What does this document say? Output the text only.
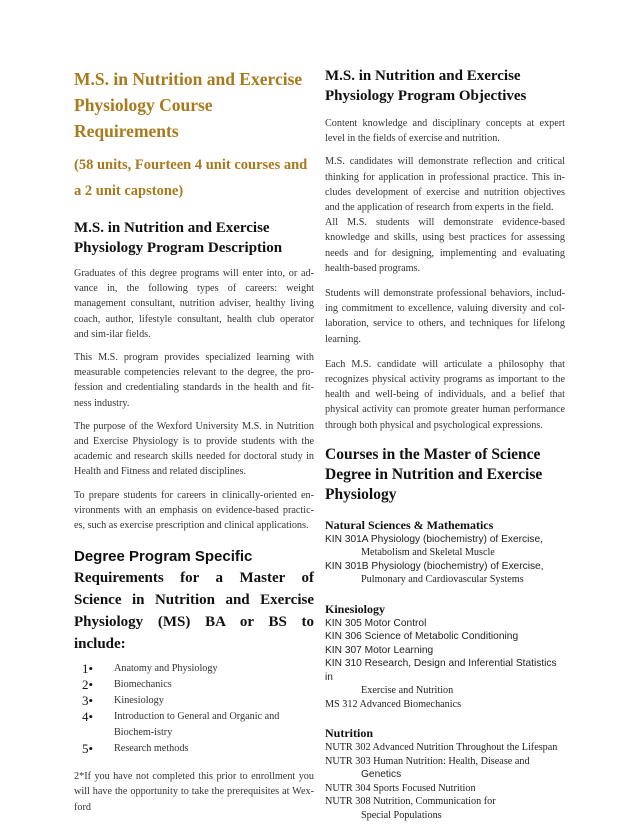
M.S. in Nutrition and Exercise Physiology Course Requirements

(58 units, Fourteen 4 unit courses and a 2 unit capstone)

M.S. in Nutrition and Exercise Physiology Program Description

Graduates of this degree programs will enter into, or ad-vance in, the following types of careers: weight management consultant, nutrition adviser, healthy living coach, author, lifestyle consultant, health club operator and sim-ilar fields.

This M.S. program provides specialized learning with measurable competencies relevant to the degree, the pro-fession and credentialing standards in the health and fit-ness industry.

The purpose of the Wexford University M.S. in Nutrition and Exercise Physiology is to provide students with the academic and research skills needed for doctoral study in Health and Fitness and related disciplines.

To prepare students for careers in clinically-oriented en-vironments with an emphasis on evidence-based practic-es, such as exercise prescription and clinical applications.

Degree Program Specific
Requirements for a Master of Science in Nutrition and Exercise Physiology (MS) BA or BS to include:
1•	Anatomy and Physiology
2•	Biomechanics
3•	Kinesiology
4•	Introduction to General and Organic and Biochem-istry
5•	Research methods

2*If you have not completed this prior to enrollment you will have the opportunity to take the prerequisites at Wex-ford

M.S. in Nutrition and Exercise Physiology Program Objectives

Content knowledge and disciplinary concepts at expert level in the fields of exercise and nutrition.

M.S. candidates will demonstrate reflection and critical thinking for application in professional practice. This in-cludes development of exercise and nutrition objectives and the application of research from experts in the field.

All M.S. students will demonstrate evidence-based knowledge and skills, using best practices for assessing needs and for designing, implementing and evaluating health-based programs.

Students will demonstrate professional behaviors, includ-ing commitment to excellence, valuing diversity and col-laboration, service to others, and techniques for lifelong learning.

Each M.S. candidate will articulate a philosophy that recognizes physical activity programs as important to the health and well-being of individuals, and a belief that physical activity can promote greater human performance through both physical and psychological expressions.

Courses in the Master of Science Degree in Nutrition and Exercise Physiology
Natural Sciences & Mathematics

KIN 301A Physiology (biochemistry) of Exercise,

Metabolism and Skeletal Muscle

KIN 301B Physiology (biochemistry) of Exercise,

Pulmonary and Cardiovascular Systems

Kinesiology

KIN 305 Motor Control

KIN 306 Science of Metabolic Conditioning

KIN 307 Motor Learning

KIN 310 Research, Design and Inferential Statistics in

Exercise and Nutrition

MS 312 Advanced Biomechanics

Nutrition

NUTR 302 Advanced Nutrition Throughout the Lifespan

NUTR 303 Human Nutrition: Health, Disease and

Genetics

NUTR 304 Sports Focused Nutrition

NUTR 308 Nutrition, Communication for

Special Populations
